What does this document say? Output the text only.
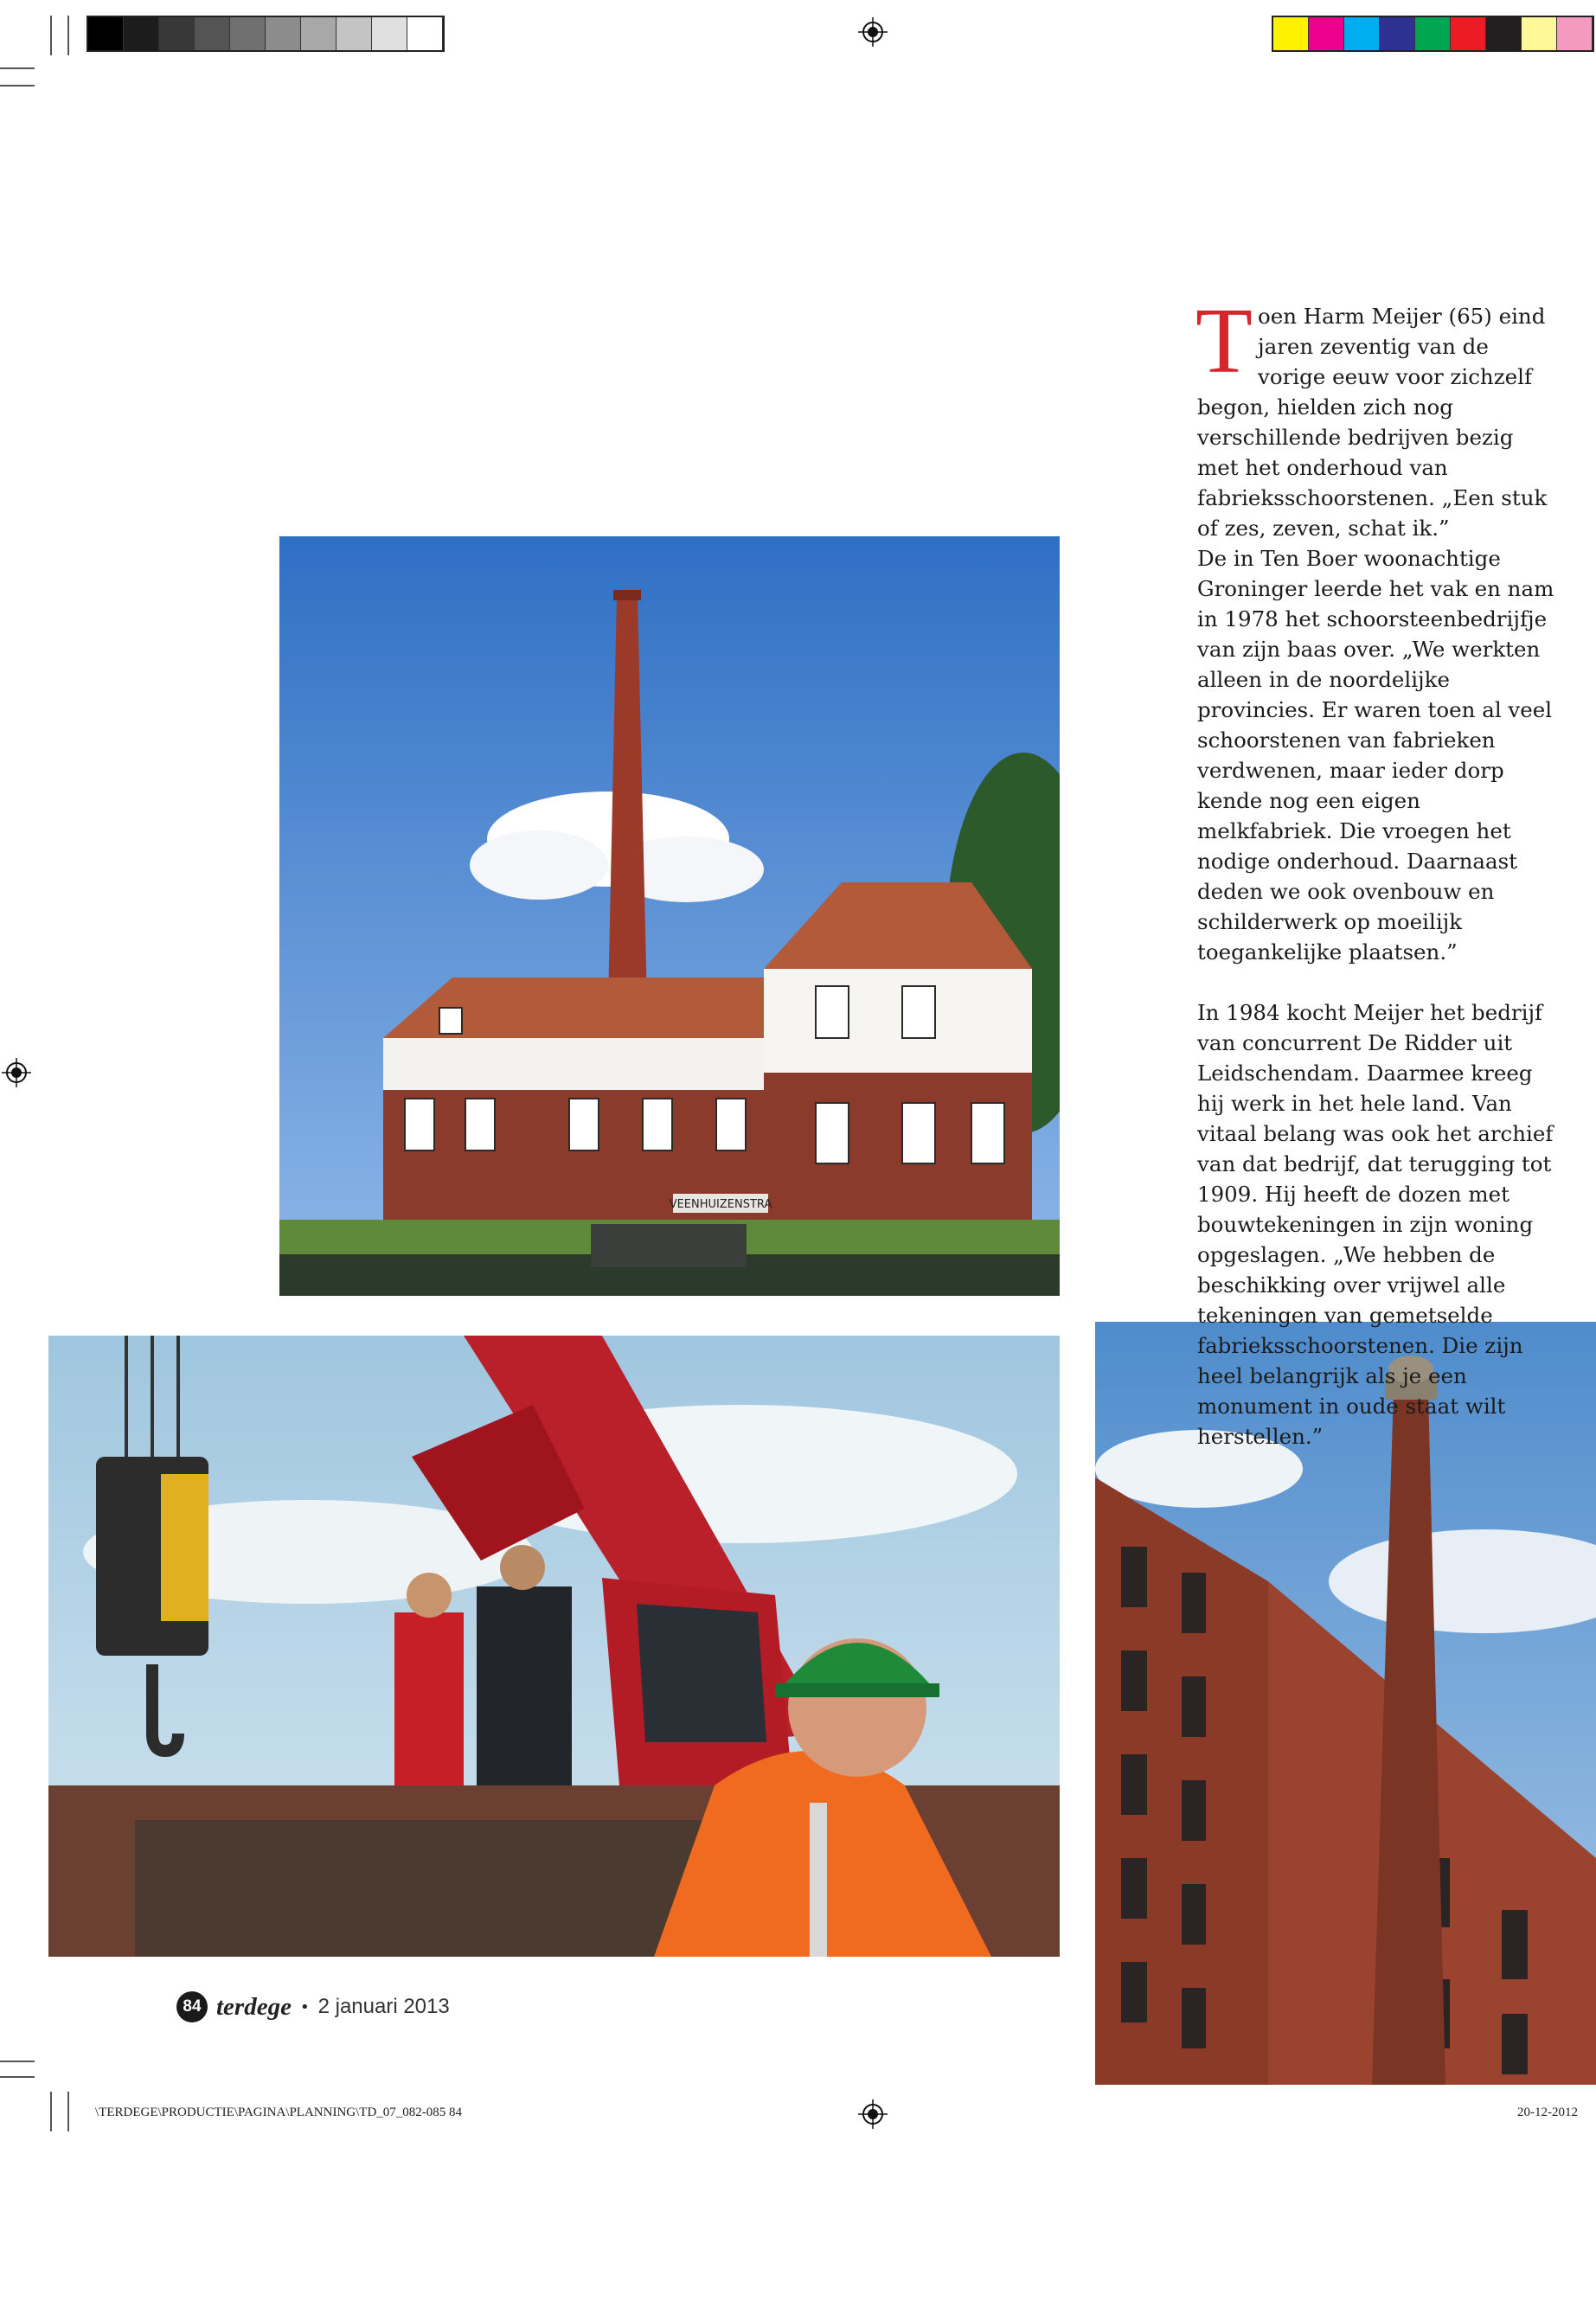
VEENHUIZENSTRA

T oen Harm Meijer (65) eind jaren zeventig van de vorige eeuw voor zichzelf begon, hielden zich nog verschillende bedrijven bezig met het onderhoud van fabrieksschoorstenen. „Een stuk of zes, zeven, schat ik.”

De in Ten Boer woonachtige Groninger leerde het vak en nam in 1978 het schoorsteenbedrijfje van zijn baas over. „We werkten alleen in de noordelijke provincies. Er waren toen al veel schoorstenen van fabrieken verdwenen, maar ieder dorp kende nog een eigen melkfabriek. Die vroegen het nodige onderhoud. Daarnaast deden we ook ovenbouw en schilderwerk op moeilijk toegankelijke plaatsen.”

In 1984 kocht Meijer het bedrijf van concurrent De Ridder uit Leidschendam. Daarmee kreeg hij werk in het hele land. Van vitaal belang was ook het archief van dat bedrijf, dat terugging tot 1909. Hij heeft de dozen met bouwtekeningen in zijn woning opgeslagen. „We hebben de beschikking over vrijwel alle tekeningen van gemetselde fabrieksschoorstenen. Die zijn heel belangrijk als je een monument in oude staat wilt herstellen.”

84 terdege • 2 januari 2013
\TERDEGE\PRODUCTIE\PAGINA\PLANNING\TD_07_082-085 84	20-12-2012
